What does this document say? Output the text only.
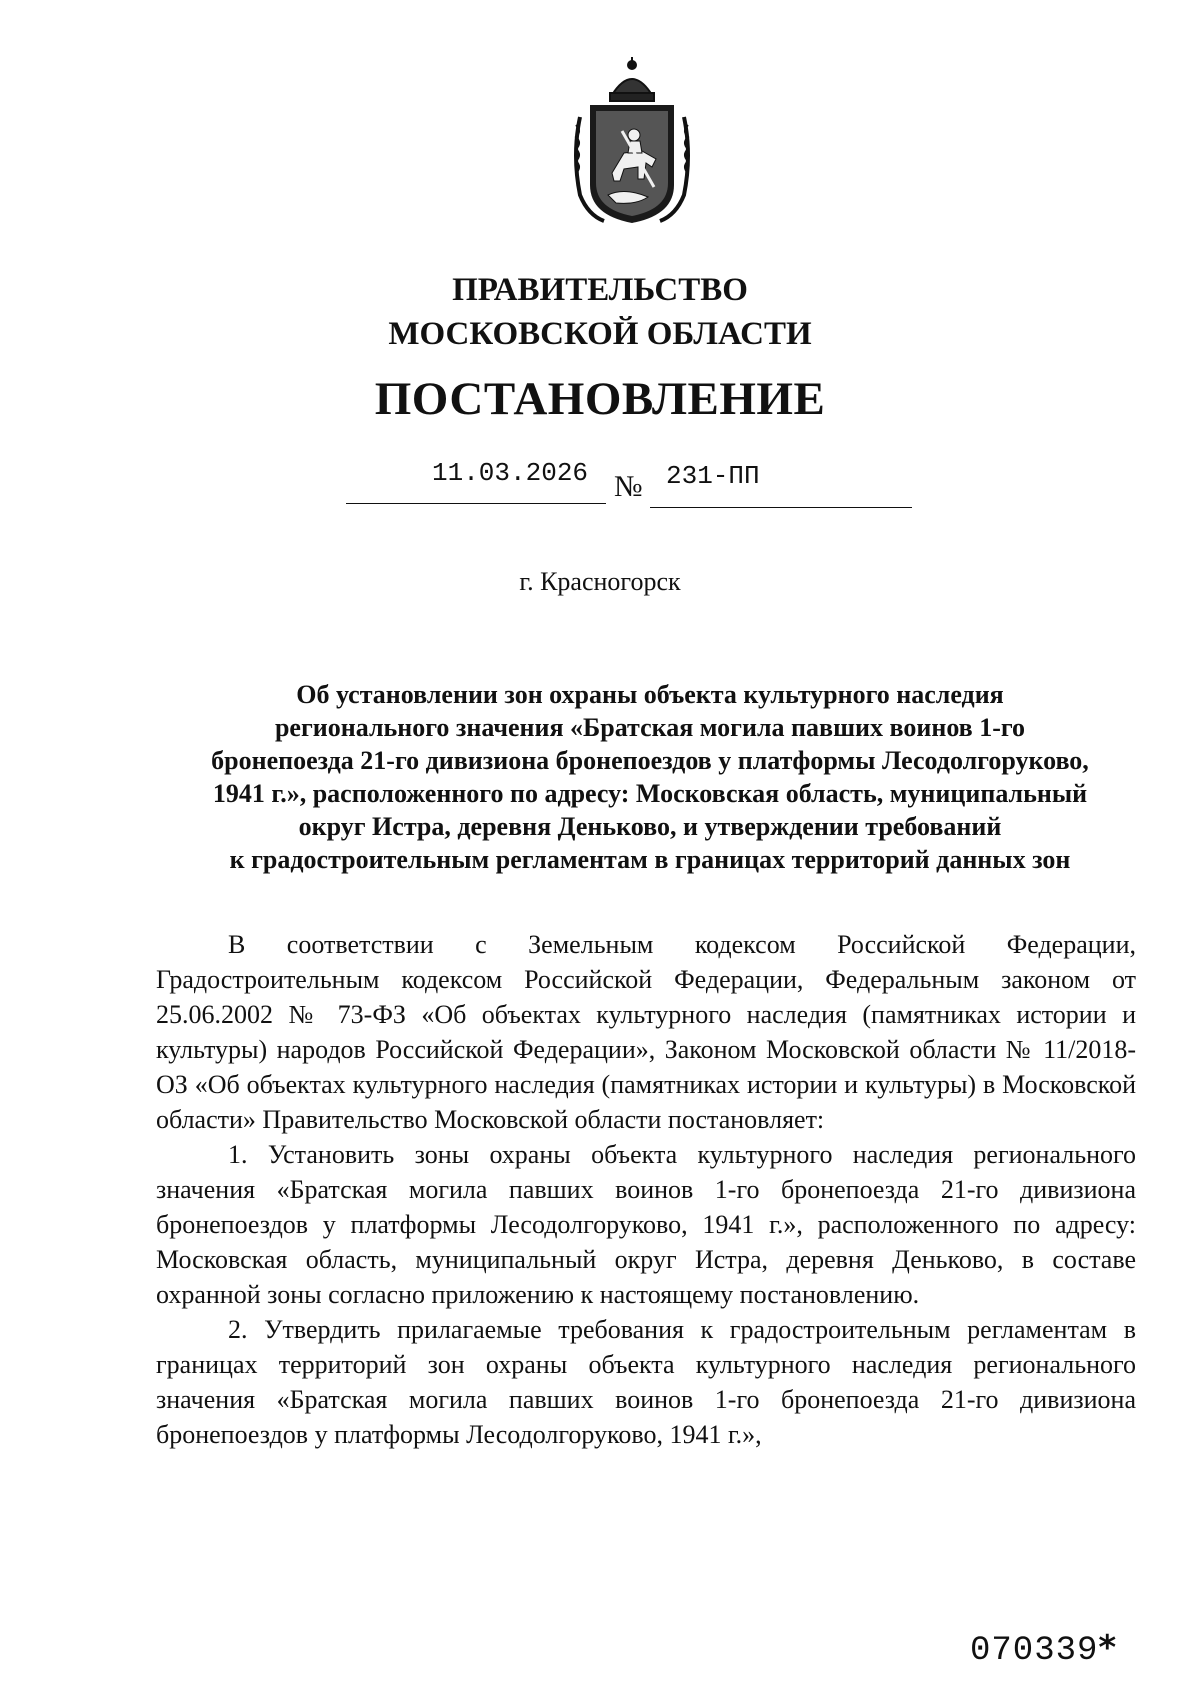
ПРАВИТЕЛЬСТВО
МОСКОВСКОЙ ОБЛАСТИ
ПОСТАНОВЛЕНИЕ
11.03.2026 № 231-ПП
г. Красногорск
Об установлении зон охраны объекта культурного наследия
регионального значения «Братская могила павших воинов 1-го
бронепоезда 21-го дивизиона бронепоездов у платформы Лесодолгоруково,
1941 г.», расположенного по адресу: Московская область, муниципальный
округ Истра, деревня Деньково, и утверждении требований
к градостроительным регламентам в границах территорий данных зон

В соответствии с Земельным кодексом Российской Федерации, Градостроительным кодексом Российской Федерации, Федеральным законом от 25.06.2002 № 73-ФЗ «Об объектах культурного наследия (памятниках истории и культуры) народов Российской Федерации», Законом Московской области № 11/2018-ОЗ «Об объектах культурного наследия (памятниках истории и культуры) в Московской области» Правительство Московской области постановляет:

1. Установить зоны охраны объекта культурного наследия регионального значения «Братская могила павших воинов 1-го бронепоезда 21-го дивизиона бронепоездов у платформы Лесодолгоруково, 1941 г.», расположенного по адресу: Московская область, муниципальный округ Истра, деревня Деньково, в составе охранной зоны согласно приложению к настоящему постановлению.

2. Утвердить прилагаемые требования к градостроительным регламентам в границах территорий зон охраны объекта культурного наследия регионального значения «Братская могила павших воинов 1-го бронепоезда 21-го дивизиона бронепоездов у платформы Лесодолгоруково, 1941 г.»,

070339*
